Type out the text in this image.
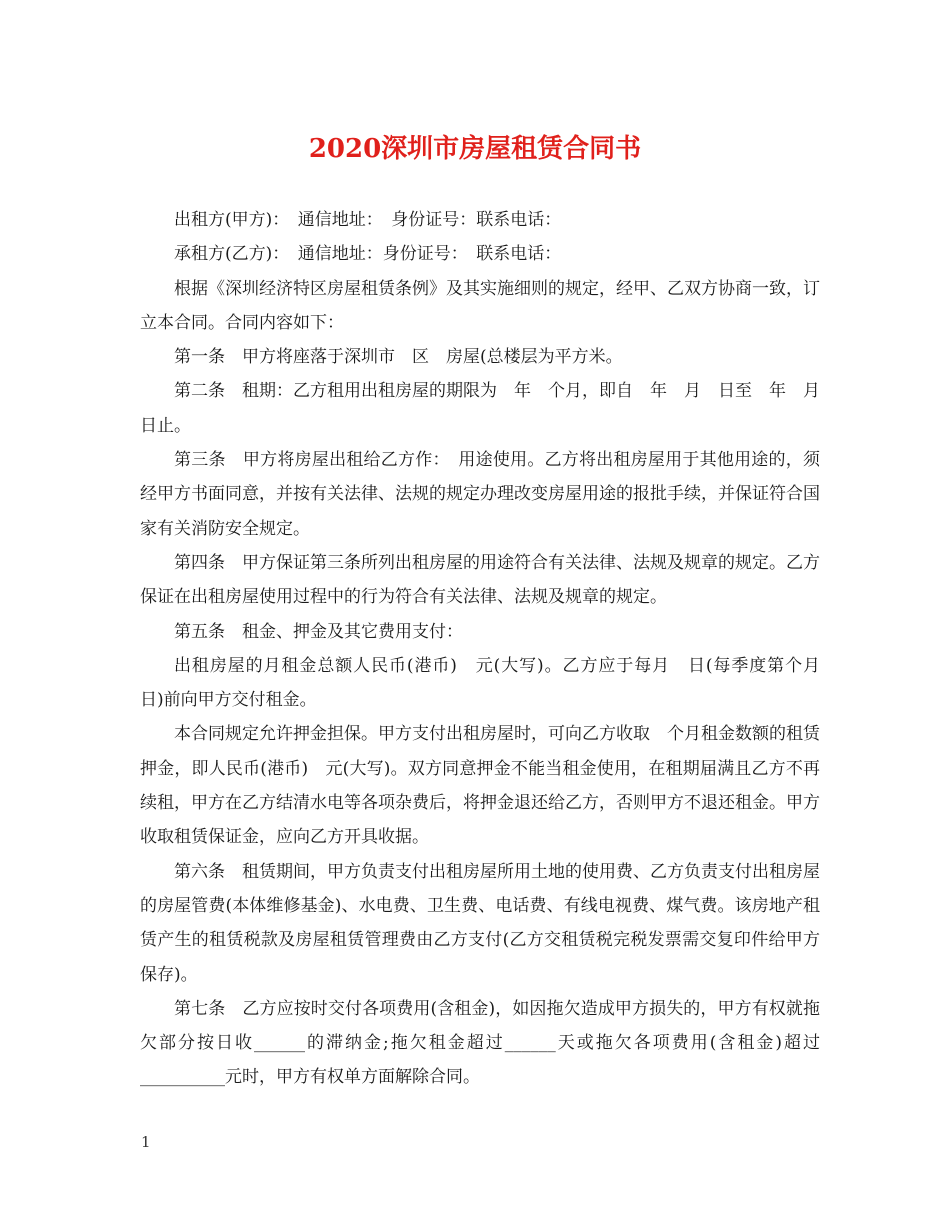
2020深圳市房屋租赁合同书

出租方(甲方)：　通信地址：　身份证号：联系电话：

承租方(乙方)：　通信地址：身份证号：　联系电话：

根据《深圳经济特区房屋租赁条例》及其实施细则的规定，经甲、乙双方协商一致，订立本合同。合同内容如下：

第一条　甲方将座落于深圳市　区　房屋(总楼层为平方米。

第二条　租期：乙方租用出租房屋的期限为　年　个月，即自　年　月　日至　年　月日止。

第三条　甲方将房屋出租给乙方作：　用途使用。乙方将出租房屋用于其他用途的，须经甲方书面同意，并按有关法律、法规的规定办理改变房屋用途的报批手续，并保证符合国家有关消防安全规定。

第四条　甲方保证第三条所列出租房屋的用途符合有关法律、法规及规章的规定。乙方保证在出租房屋使用过程中的行为符合有关法律、法规及规章的规定。

第五条　租金、押金及其它费用支付：

出租房屋的月租金总额人民币(港币)　元(大写)。乙方应于每月　日(每季度第个月　日)前向甲方交付租金。

本合同规定允许押金担保。甲方支付出租房屋时，可向乙方收取　个月租金数额的租赁押金，即人民币(港币)　元(大写)。双方同意押金不能当租金使用，在租期届满且乙方不再续租，甲方在乙方结清水电等各项杂费后，将押金退还给乙方，否则甲方不退还租金。甲方收取租赁保证金，应向乙方开具收据。

第六条　租赁期间，甲方负责支付出租房屋所用土地的使用费、乙方负责支付出租房屋的房屋管费(本体维修基金)、水电费、卫生费、电话费、有线电视费、煤气费。该房地产租赁产生的租赁税款及房屋租赁管理费由乙方支付(乙方交租赁税完税发票需交复印件给甲方保存)。

第七条　乙方应按时交付各项费用(含租金)，如因拖欠造成甲方损失的，甲方有权就拖欠部分按日收______的滞纳金;拖欠租金超过______天或拖欠各项费用(含租金)超过__________元时，甲方有权单方面解除合同。

1
